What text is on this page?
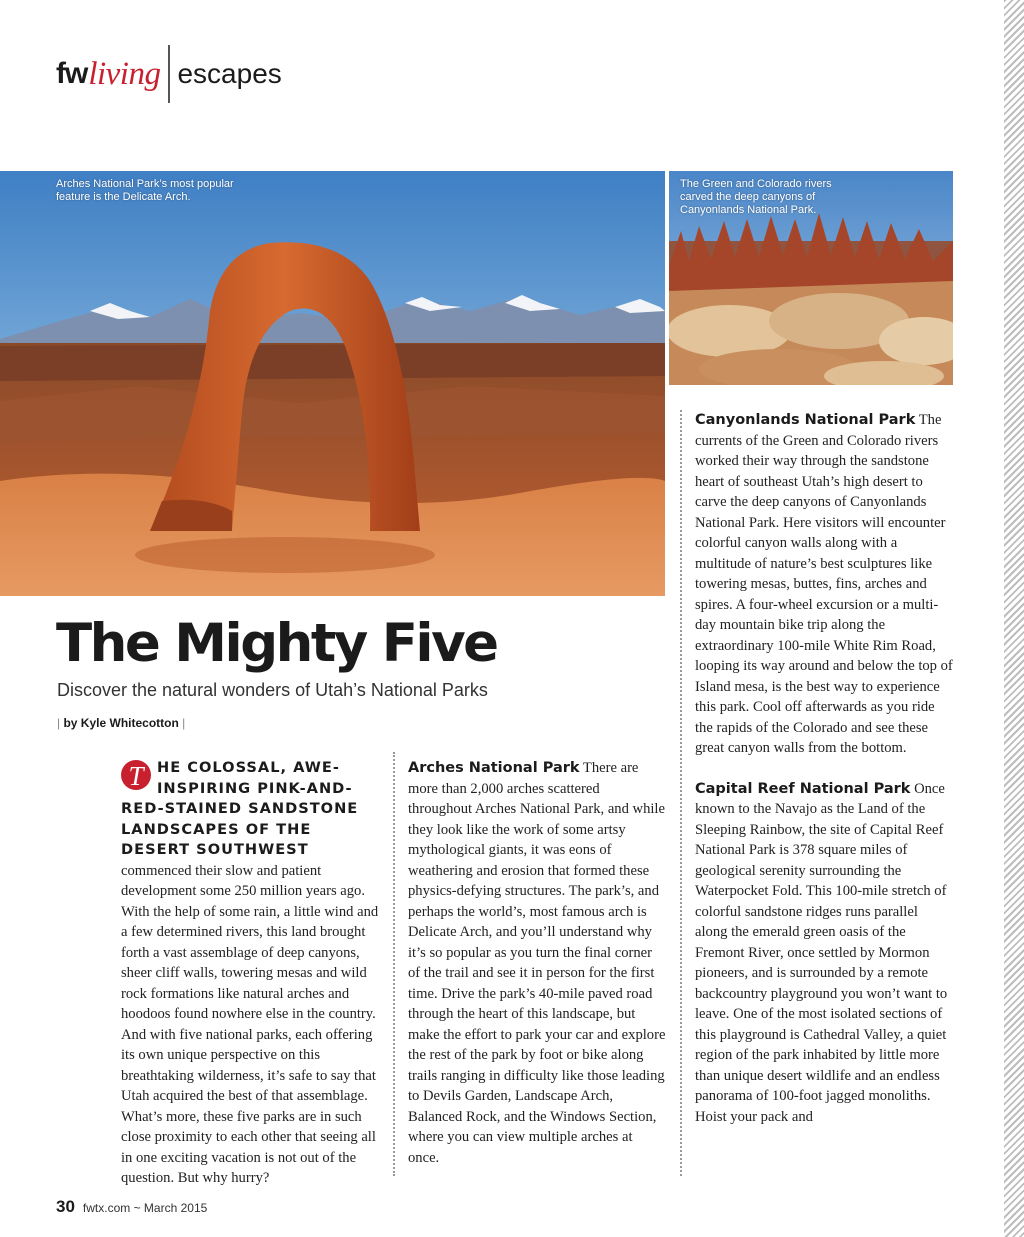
fw living escapes
Arches National Park’s most popular feature is the Delicate Arch.
The Green and Colorado rivers carved the deep canyons of Canyonlands National Park.
The Mighty Five

Discover the natural wonders of Utah’s National Parks

| by Kyle Whitecotton |

T HE COLOSSAL, AWE-INSPIRING PINK-AND-RED-STAINED SANDSTONE LANDSCAPES OF THE DESERT SOUTHWEST commenced their slow and patient development some 250 million years ago. With the help of some rain, a little wind and a few determined rivers, this land brought forth a vast assemblage of deep canyons, sheer cliff walls, towering mesas and wild rock formations like natural arches and hoodoos found nowhere else in the country. And with five national parks, each offering its own unique perspective on this breathtaking wilderness, it’s safe to say that Utah acquired the best of that assemblage. What’s more, these five parks are in such close proximity to each other that seeing all in one exciting vacation is not out of the question. But why hurry?

Arches National Park There are more than 2,000 arches scattered throughout Arches National Park, and while they look like the work of some artsy mythological giants, it was eons of weathering and erosion that formed these physics-defying structures. The park’s, and perhaps the world’s, most famous arch is Delicate Arch, and you’ll understand why it’s so popular as you turn the final corner of the trail and see it in person for the first time. Drive the park’s 40-mile paved road through the heart of this landscape, but make the effort to park your car and explore the rest of the park by foot or bike along trails ranging in difficulty like those leading to Devils Garden, Landscape Arch, Balanced Rock, and the Windows Section, where you can view multiple arches at once.

Canyonlands National Park The currents of the Green and Colorado rivers worked their way through the sandstone heart of southeast Utah’s high desert to carve the deep canyons of Canyonlands National Park. Here visitors will encounter colorful canyon walls along with a multitude of nature’s best sculptures like towering mesas, buttes, fins, arches and spires. A four-wheel excursion or a multi-day mountain bike trip along the extraordinary 100-mile White Rim Road, looping its way around and below the top of Island mesa, is the best way to experience this park. Cool off afterwards as you ride the rapids of the Colorado and see these great canyon walls from the bottom.

Capital Reef National Park Once known to the Navajo as the Land of the Sleeping Rainbow, the site of Capital Reef National Park is 378 square miles of geological serenity surrounding the Waterpocket Fold. This 100-mile stretch of colorful sandstone ridges runs parallel along the emerald green oasis of the Fremont River, once settled by Mormon pioneers, and is surrounded by a remote backcountry playground you won’t want to leave. One of the most isolated sections of this playground is Cathedral Valley, a quiet region of the park inhabited by little more than unique desert wildlife and an endless panorama of 100-foot jagged monoliths. Hoist your pack and

30 fwtx.com ~ March 2015
